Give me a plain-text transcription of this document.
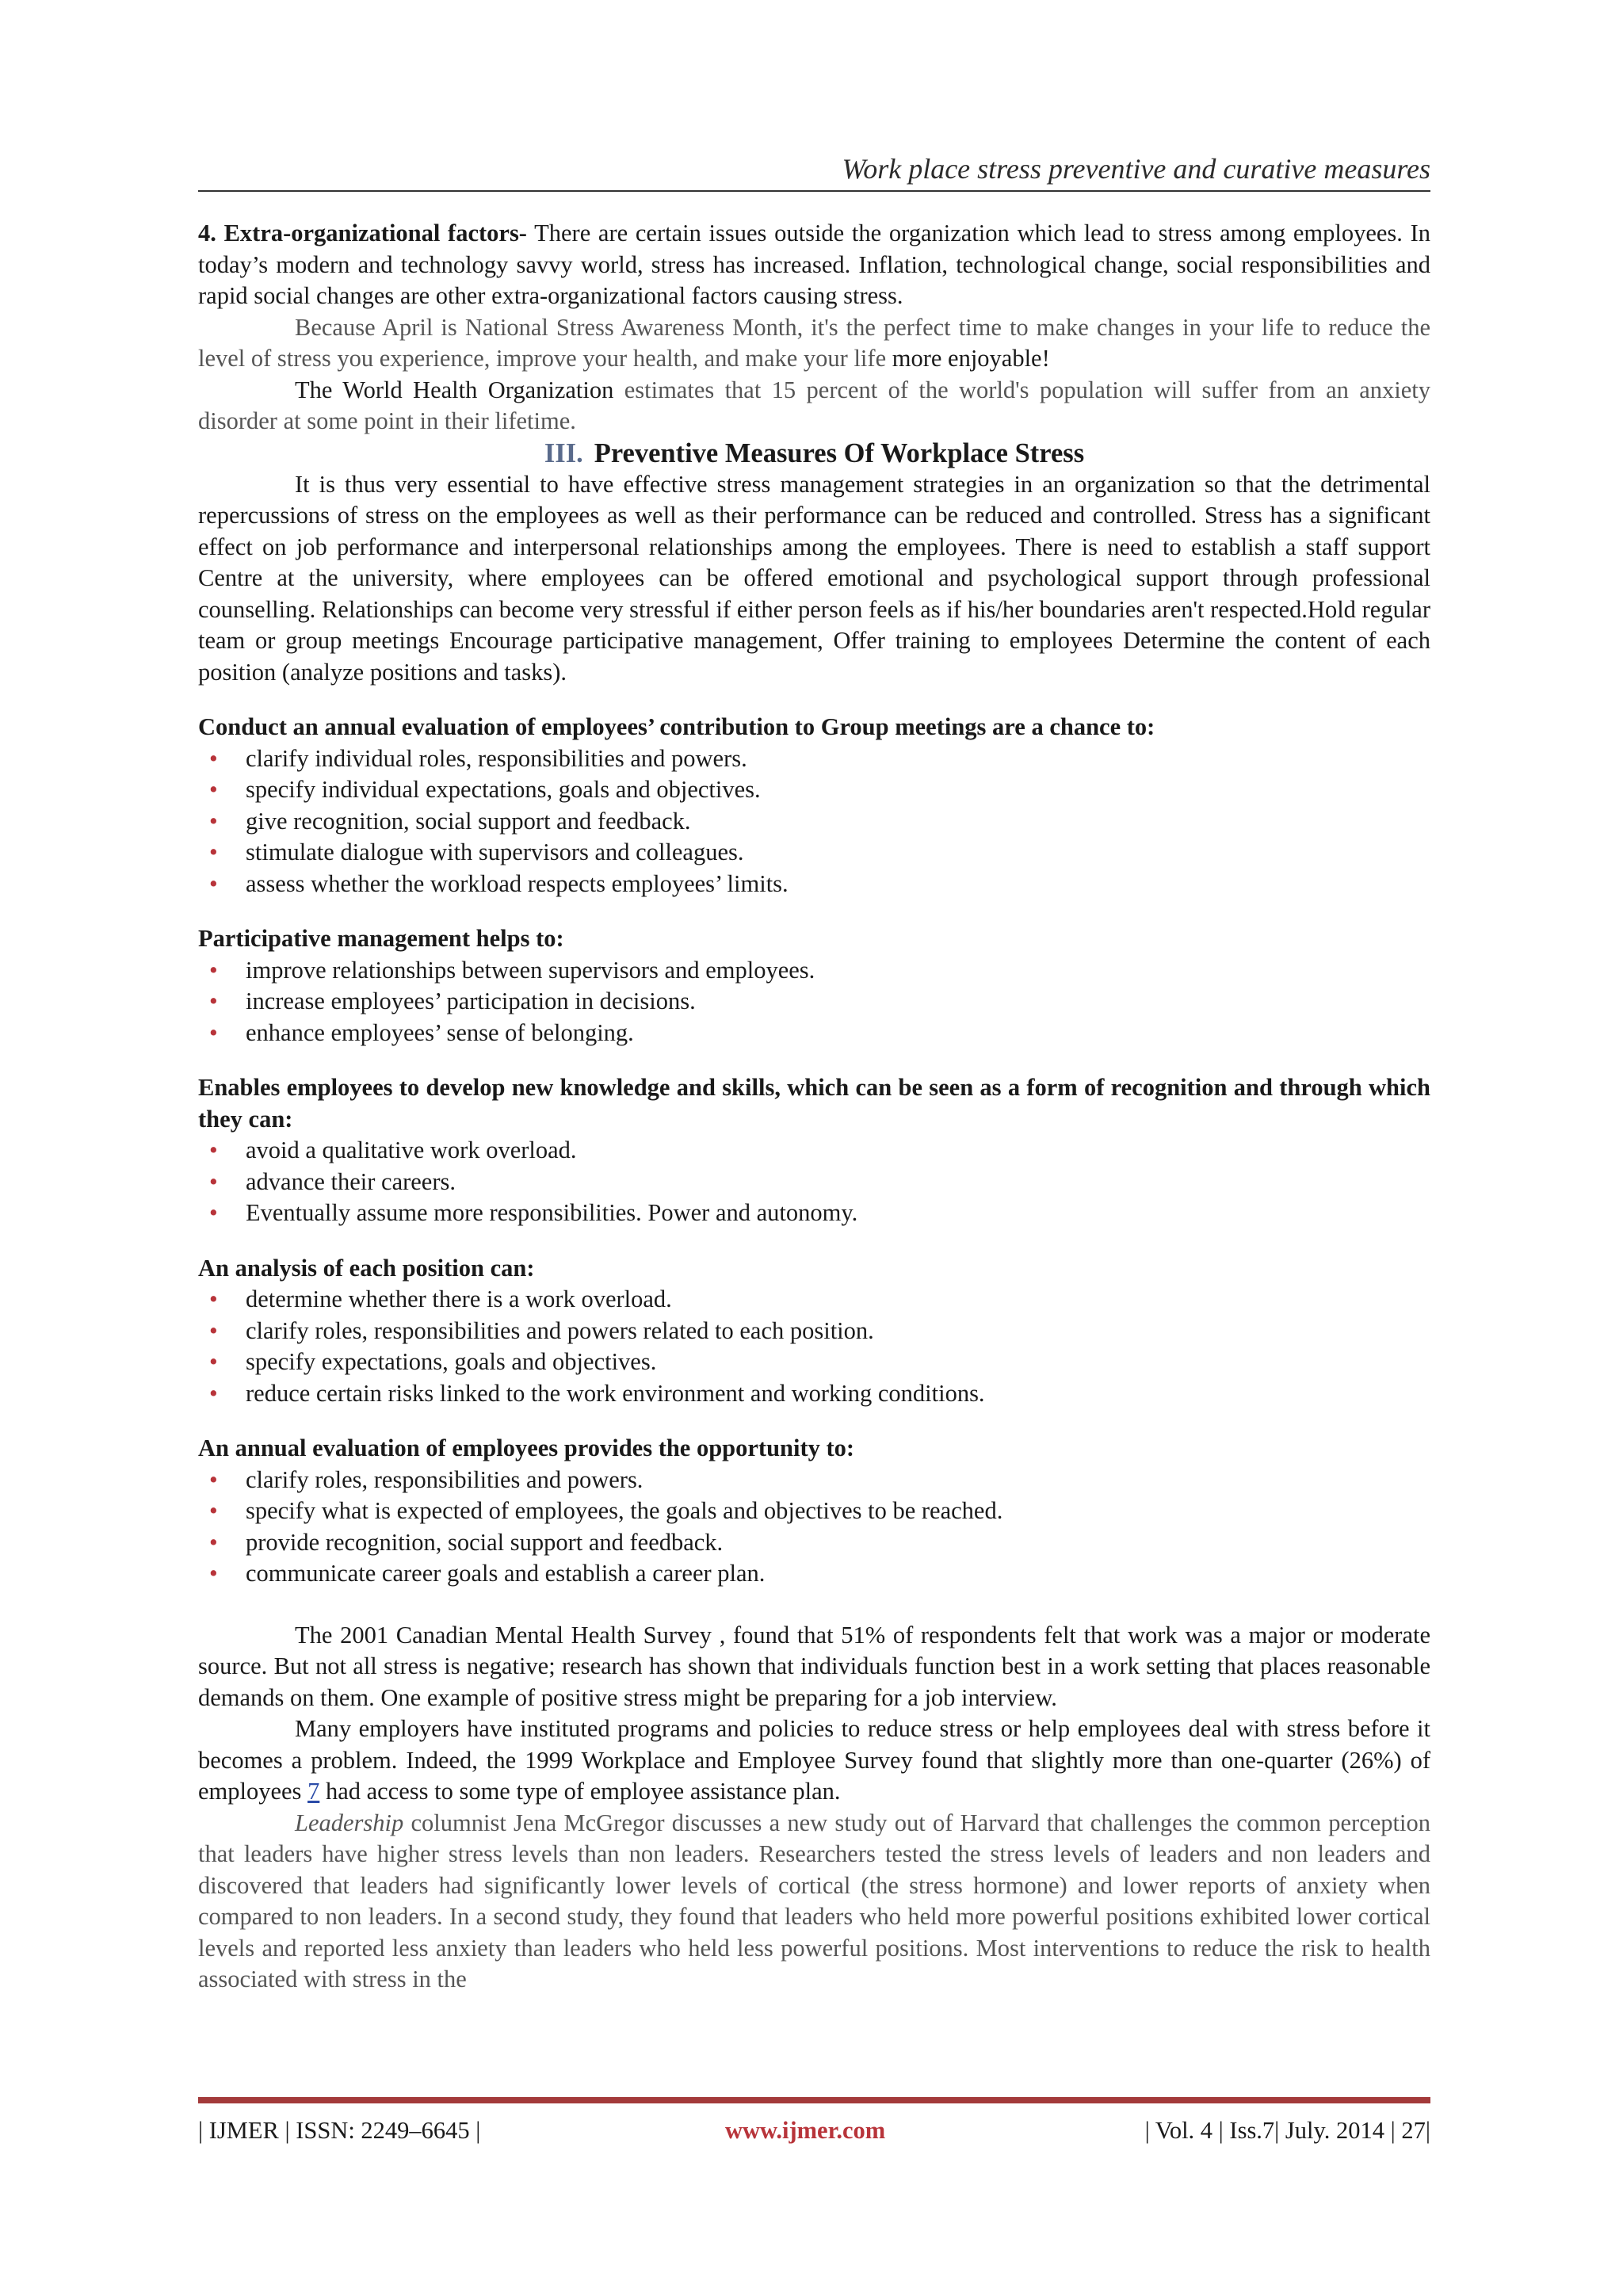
Work place stress preventive and curative measures

4. Extra-organizational factors- There are certain issues outside the organization which lead to stress among employees. In today’s modern and technology savvy world, stress has increased. Inflation, technological change, social responsibilities and rapid social changes are other extra-organizational factors causing stress.

Because April is National Stress Awareness Month, it's the perfect time to make changes in your life to reduce the level of stress you experience, improve your health, and make your life more enjoyable!

The World Health Organization estimates that 15 percent of the world's population will suffer from an anxiety disorder at some point in their lifetime.

III. Preventive Measures Of Workplace Stress

It is thus very essential to have effective stress management strategies in an organization so that the detrimental repercussions of stress on the employees as well as their performance can be reduced and controlled. Stress has a significant effect on job performance and interpersonal relationships among the employees. There is need to establish a staff support Centre at the university, where employees can be offered emotional and psychological support through professional counselling. Relationships can become very stressful if either person feels as if his/her boundaries aren't respected.Hold regular team or group meetings Encourage participative management, Offer training to employees Determine the content of each position (analyze positions and tasks).

Conduct an annual evaluation of employees’ contribution to Group meetings are a chance to:

• clarify individual roles, responsibilities and powers.
• specify individual expectations, goals and objectives.
• give recognition, social support and feedback.
• stimulate dialogue with supervisors and colleagues.
• assess whether the workload respects employees’ limits.

Participative management helps to:

• improve relationships between supervisors and employees.
• increase employees’ participation in decisions.
• enhance employees’ sense of belonging.

Enables employees to develop new knowledge and skills, which can be seen as a form of recognition and through which they can:

• avoid a qualitative work overload.
• advance their careers.
• Eventually assume more responsibilities. Power and autonomy.

An analysis of each position can:

• determine whether there is a work overload.
• clarify roles, responsibilities and powers related to each position.
• specify expectations, goals and objectives.
• reduce certain risks linked to the work environment and working conditions.

An annual evaluation of employees provides the opportunity to:

• clarify roles, responsibilities and powers.
• specify what is expected of employees, the goals and objectives to be reached.
• provide recognition, social support and feedback.
• communicate career goals and establish a career plan.

The 2001 Canadian Mental Health Survey , found that 51% of respondents felt that work was a major or moderate source. But not all stress is negative; research has shown that individuals function best in a work setting that places reasonable demands on them. One example of positive stress might be preparing for a job interview.

Many employers have instituted programs and policies to reduce stress or help employees deal with stress before it becomes a problem. Indeed, the 1999 Workplace and Employee Survey found that slightly more than one-quarter (26%) of employees 7 had access to some type of employee assistance plan.

Leadership columnist Jena McGregor discusses a new study out of Harvard that challenges the common perception that leaders have higher stress levels than non leaders. Researchers tested the stress levels of leaders and non leaders and discovered that leaders had significantly lower levels of cortical (the stress hormone) and lower reports of anxiety when compared to non leaders. In a second study, they found that leaders who held more powerful positions exhibited lower cortical levels and reported less anxiety than leaders who held less powerful positions. Most interventions to reduce the risk to health associated with stress in the

| IJMER | ISSN: 2249–6645 |	www.ijmer.com	| Vol. 4 | Iss.7| July. 2014 | 27|
